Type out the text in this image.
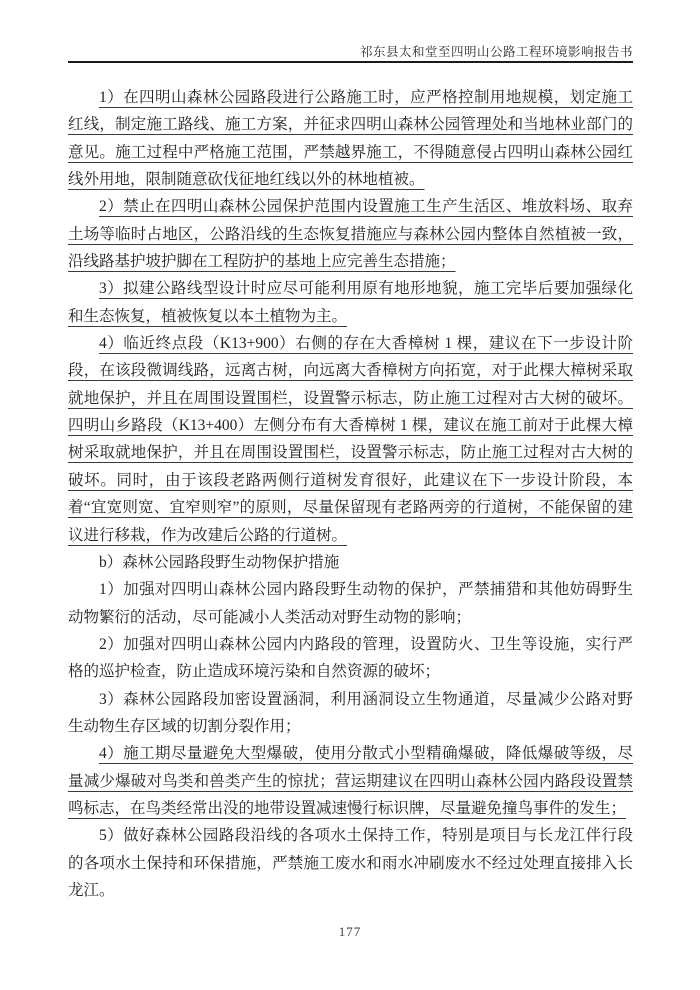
祁东县太和堂至四明山公路工程环境影响报告书

1）在四明山森林公园路段进行公路施工时，应严格控制用地规模，划定施工红线，制定施工路线、施工方案，并征求四明山森林公园管理处和当地林业部门的意见。施工过程中严格施工范围，严禁越界施工，不得随意侵占四明山森林公园红线外用地，限制随意砍伐征地红线以外的林地植被。

2）禁止在四明山森林公园保护范围内设置施工生产生活区、堆放料场、取弃土场等临时占地区，公路沿线的生态恢复措施应与森林公园内整体自然植被一致，沿线路基护坡护脚在工程防护的基地上应完善生态措施；

3）拟建公路线型设计时应尽可能利用原有地形地貌，施工完毕后要加强绿化和生态恢复，植被恢复以本土植物为主。

4）临近终点段（K13+900）右侧的存在大香樟树 1 棵，建议在下一步设计阶段，在该段微调线路，远离古树，向远离大香樟树方向拓宽，对于此棵大樟树采取就地保护，并且在周围设置围栏，设置警示标志，防止施工过程对古大树的破坏。四明山乡路段（K13+400）左侧分布有大香樟树 1 棵，建议在施工前对于此棵大樟树采取就地保护，并且在周围设置围栏，设置警示标志，防止施工过程对古大树的破坏。同时，由于该段老路两侧行道树发育很好，此建议在下一步设计阶段，本着“宜宽则宽、宜窄则窄”的原则，尽量保留现有老路两旁的行道树，不能保留的建议进行移栽，作为改建后公路的行道树。

b）森林公园路段野生动物保护措施

1）加强对四明山森林公园内路段野生动物的保护，严禁捕猎和其他妨碍野生动物繁衍的活动，尽可能减小人类活动对野生动物的影响；

2）加强对四明山森林公园内内路段的管理，设置防火、卫生等设施，实行严格的巡护检查，防止造成环境污染和自然资源的破坏；

3）森林公园路段加密设置涵洞，利用涵洞设立生物通道，尽量减少公路对野生动物生存区域的切割分裂作用；

4）施工期尽量避免大型爆破，使用分散式小型精确爆破，降低爆破等级，尽量减少爆破对鸟类和兽类产生的惊扰；营运期建议在四明山森林公园内路段设置禁鸣标志，在鸟类经常出没的地带设置减速慢行标识牌，尽量避免撞鸟事件的发生；

5）做好森林公园路段沿线的各项水土保持工作，特别是项目与长龙江伴行段的各项水土保持和环保措施，严禁施工废水和雨水冲刷废水不经过处理直接排入长龙江。

177
